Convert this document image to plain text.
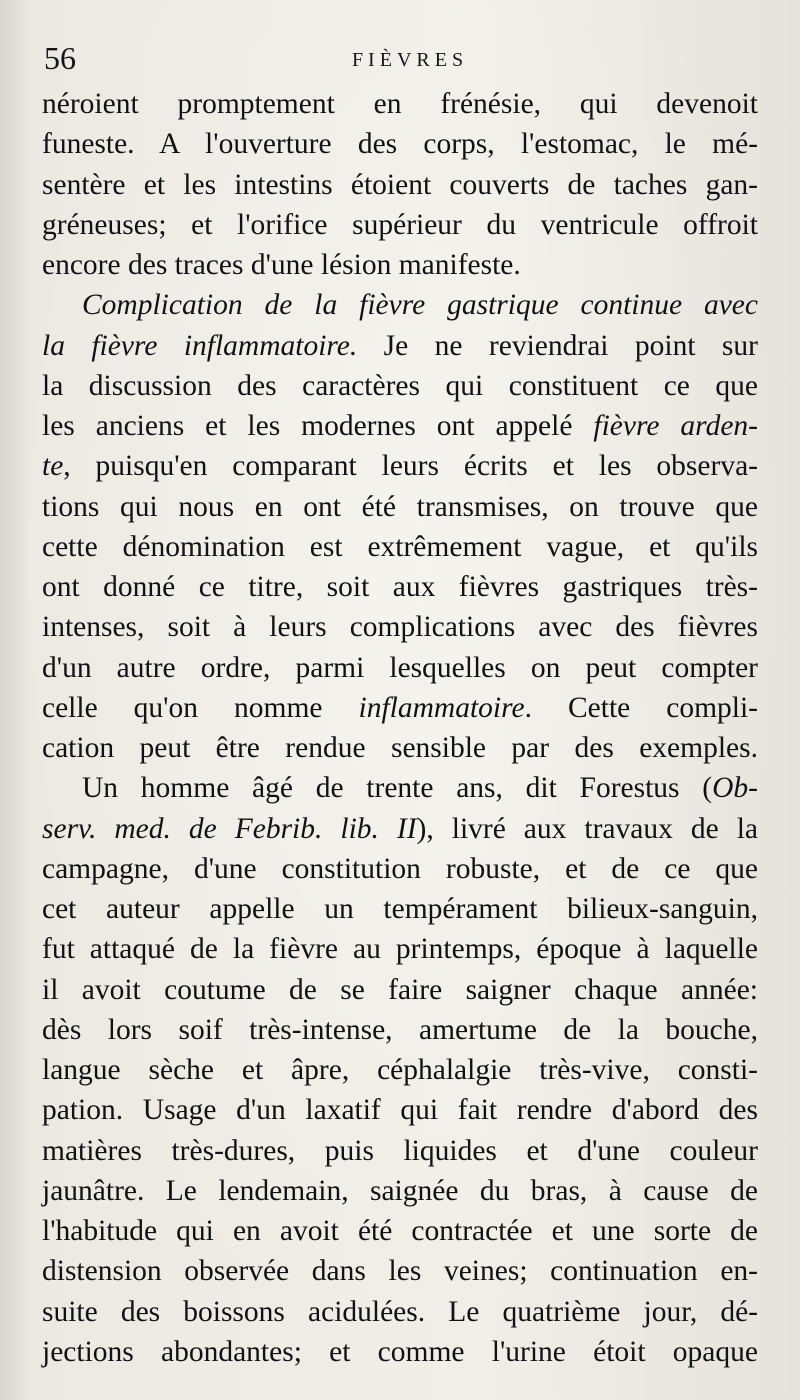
56	FIÈVRES
néroient promptement en frénésie, qui devenoit
funeste. A l'ouverture des corps, l'estomac, le mé-
sentère et les intestins étoient couverts de taches gan-
gréneuses; et l'orifice supérieur du ventricule offroit
encore des traces d'une lésion manifeste.
Complication de la fièvre gastrique continue avec
la fièvre inflammatoire. Je ne reviendrai point sur
la discussion des caractères qui constituent ce que
les anciens et les modernes ont appelé fièvre arden-
te, puisqu'en comparant leurs écrits et les observa-
tions qui nous en ont été transmises, on trouve que
cette dénomination est extrêmement vague, et qu'ils
ont donné ce titre, soit aux fièvres gastriques très-
intenses, soit à leurs complications avec des fièvres
d'un autre ordre, parmi lesquelles on peut compter
celle qu'on nomme inflammatoire. Cette compli-
cation peut être rendue sensible par des exemples.
Un homme âgé de trente ans, dit Forestus (Ob-
serv. med. de Febrib. lib. II), livré aux travaux de la
campagne, d'une constitution robuste, et de ce que
cet auteur appelle un tempérament bilieux-sanguin,
fut attaqué de la fièvre au printemps, époque à laquelle
il avoit coutume de se faire saigner chaque année:
dès lors soif très-intense, amertume de la bouche,
langue sèche et âpre, céphalalgie très-vive, consti-
pation. Usage d'un laxatif qui fait rendre d'abord des
matières très-dures, puis liquides et d'une couleur
jaunâtre. Le lendemain, saignée du bras, à cause de
l'habitude qui en avoit été contractée et une sorte de
distension observée dans les veines; continuation en-
suite des boissons acidulées. Le quatrième jour, dé-
jections abondantes; et comme l'urine étoit opaque
